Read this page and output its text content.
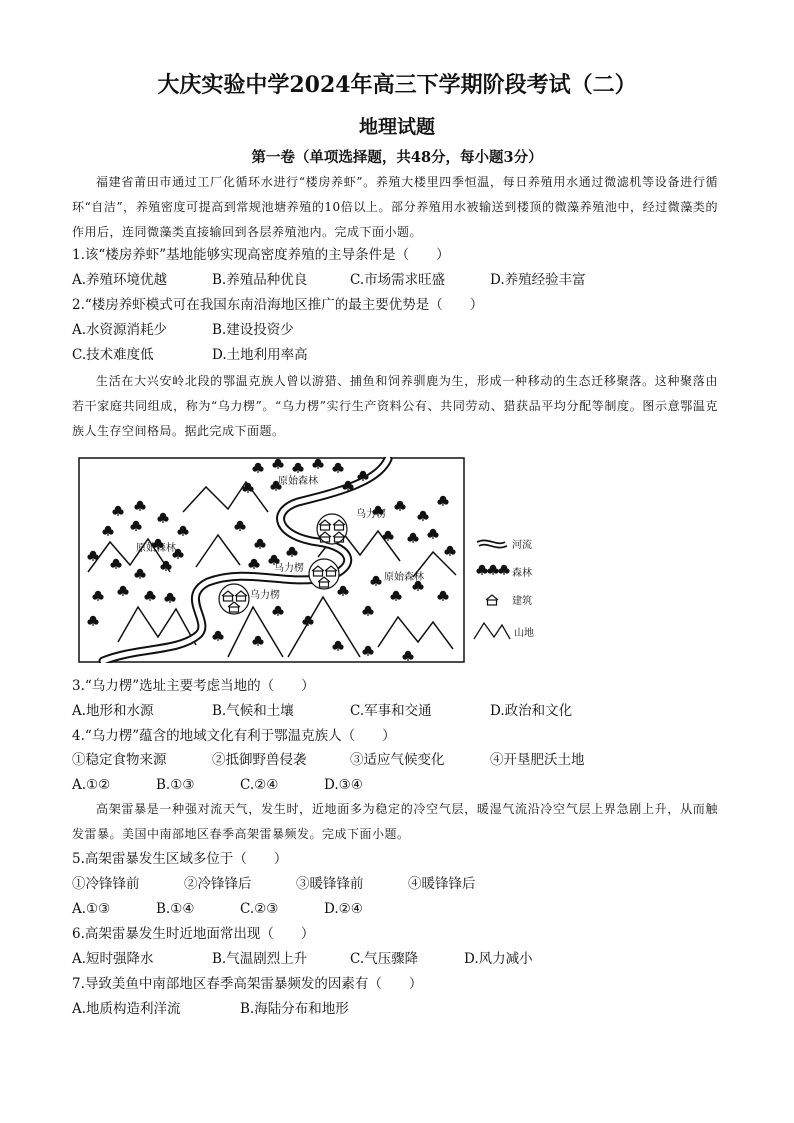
大庆实验中学2024年高三下学期阶段考试（二）
地理试题
第一卷（单项选择题，共48分，每小题3分）
福建省莆田市通过工厂化循环水进行“楼房养虾”。养殖大楼里四季恒温，每日养殖用水通过微滤机等设备进行循环“自洁”，养殖密度可提高到常规池塘养殖的10倍以上。部分养殖用水被输送到楼顶的微藻养殖池中，经过微藻类的作用后，连同微藻类直接输回到各层养殖池内。完成下面小题。
1.该“楼房养虾”基地能够实现高密度养殖的主导条件是（　　）
A.养殖环境优越	B.养殖品种优良	C.市场需求旺盛	D.养殖经验丰富
2.“楼房养虾模式可在我国东南沿海地区推广的最主要优势是（　　）
A.水资源消耗少	B.建设投资少
C.技术难度低	D.土地利用率高
生活在大兴安岭北段的鄂温克族人曾以游猎、捕鱼和饲养驯鹿为生，形成一种移动的生态迁移聚落。这种聚落由若干家庭共同组成，称为“乌力楞”。“乌力楞”实行生产资料公有、共同劳动、猎获品平均分配等制度。图示意鄂温克族人生存空间格局。据此完成下面题。
原始森林
原始森林
原始森林
乌力楞
乌力楞
乌力楞
河流
森林
建筑
山地
3.“乌力楞”选址主要考虑当地的（　　）
A.地形和水源	B.气候和土壤	C.军事和交通	D.政治和文化
4.“乌力楞”蕴含的地域文化有利于鄂温克族人（　　）
①稳定食物来源	②抵御野兽侵袭	③适应气候变化	④开垦肥沃土地
A.①②	B.①③	C.②④	D.③④
高架雷暴是一种强对流天气，发生时，近地面多为稳定的冷空气层，暖湿气流沿冷空气层上界急剧上升，从而触发雷暴。美国中南部地区春季高架雷暴频发。完成下面小题。
5.高架雷暴发生区域多位于（　　）
①冷锋锋前	②冷锋锋后	③暖锋锋前	④暖锋锋后
A.①③	B.①④	C.②③	D.②④
6.高架雷暴发生时近地面常出现（　　）
A.短时强降水	B.气温剧烈上升	C.气压骤降	D.风力减小
7.导致美鱼中南部地区春季高架雷暴频发的因素有（　　）
A.地质构造利洋流	B.海陆分布和地形
